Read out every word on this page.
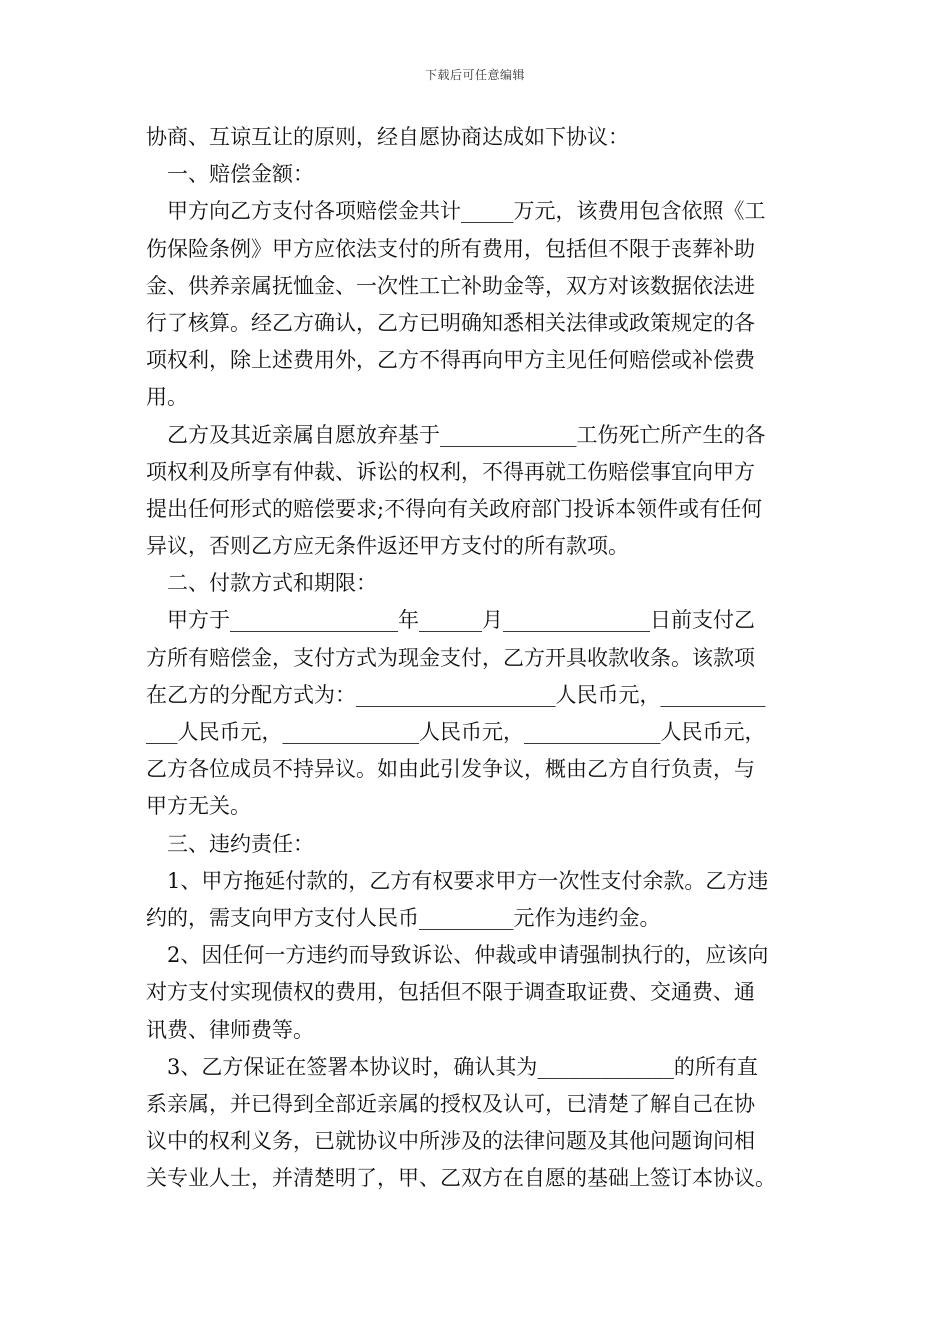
下载后可任意编辑
协商、互谅互让的原则，经自愿协商达成如下协议：
一、赔偿金额：
甲方向乙方支付各项赔偿金共计_____万元，该费用包含依照《工
伤保险条例》甲方应依法支付的所有费用，包括但不限于丧葬补助
金、供养亲属抚恤金、一次性工亡补助金等，双方对该数据依法进
行了核算。经乙方确认，乙方已明确知悉相关法律或政策规定的各
项权利，除上述费用外，乙方不得再向甲方主见任何赔偿或补偿费
用。
乙方及其近亲属自愿放弃基于_____________工伤死亡所产生的各
项权利及所享有仲裁、诉讼的权利，不得再就工伤赔偿事宜向甲方
提出任何形式的赔偿要求;不得向有关政府部门投诉本领件或有任何
异议，否则乙方应无条件返还甲方支付的所有款项。
二、付款方式和期限：
甲方于________________年______月______________日前支付乙
方所有赔偿金，支付方式为现金支付，乙方开具收款收条。该款项
在乙方的分配方式为：___________________人民币元，__________
___人民币元，_____________人民币元，_____________人民币元，
乙方各位成员不持异议。如由此引发争议，概由乙方自行负责，与
甲方无关。
三、违约责任：
1、甲方拖延付款的，乙方有权要求甲方一次性支付余款。乙方违
约的，需支向甲方支付人民币_________元作为违约金。
2、因任何一方违约而导致诉讼、仲裁或申请强制执行的，应该向
对方支付实现债权的费用，包括但不限于调查取证费、交通费、通
讯费、律师费等。
3、乙方保证在签署本协议时，确认其为_____________的所有直
系亲属，并已得到全部近亲属的授权及认可，已清楚了解自己在协
议中的权利义务，已就协议中所涉及的法律问题及其他问题询问相
关专业人士，并清楚明了，甲、乙双方在自愿的基础上签订本协议。
